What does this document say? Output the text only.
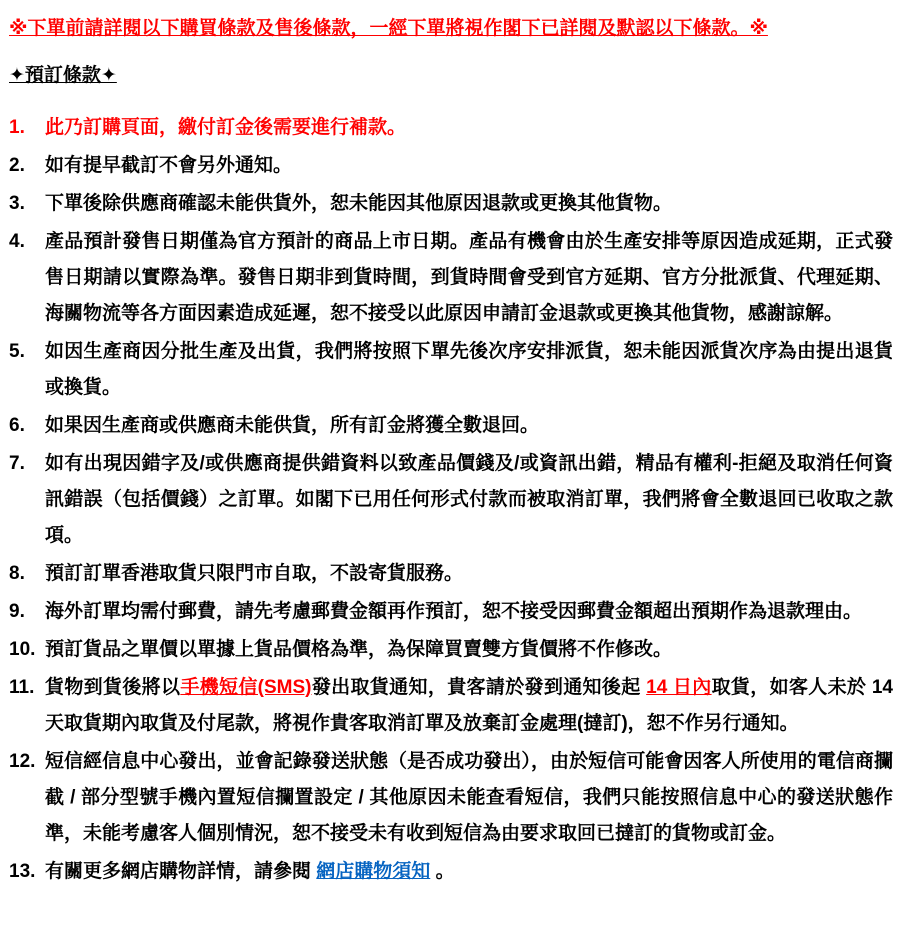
※下單前請詳閱以下購買條款及售後條款，一經下單將視作閣下已詳閱及默認以下條款。※
✦預訂條款✦
1.	此乃訂購頁面，繳付訂金後需要進行補款。
2.	如有提早截訂不會另外通知。
3.	下單後除供應商確認未能供貨外，恕未能因其他原因退款或更換其他貨物。
4.	產品預計發售日期僅為官方預計的商品上市日期。產品有機會由於生產安排等原因造成延期，正式發售日期請以實際為準。發售日期非到貨時間，到貨時間會受到官方延期、官方分批派貨、代理延期、海關物流等各方面因素造成延遲，恕不接受以此原因申請訂金退款或更換其他貨物，感謝諒解。
5.	如因生產商因分批生產及出貨，我們將按照下單先後次序安排派貨，恕未能因派貨次序為由提出退貨或換貨。
6.	如果因生產商或供應商未能供貨，所有訂金將獲全數退回。
7.	如有出現因錯字及/或供應商提供錯資料以致產品價錢及/或資訊出錯，精品有權利-拒絕及取消任何資訊錯誤（包括價錢）之訂單。如閣下已用任何形式付款而被取消訂單，我們將會全數退回已收取之款項。
8.	預訂訂單香港取貨只限門市自取，不設寄貨服務。
9.	海外訂單均需付郵費，請先考慮郵費金額再作預訂，恕不接受因郵費金額超出預期作為退款理由。
10. 預訂貨品之單價以單據上貨品價格為準，為保障買賣雙方貨價將不作修改。
11. 貨物到貨後將以手機短信(SMS)發出取貨通知，貴客請於發到通知後起 14 日內取貨，如客人未於 14 天取貨期內取貨及付尾款，將視作貴客取消訂單及放棄訂金處理(撻訂)，恕不作另行通知。
12. 短信經信息中心發出，並會記錄發送狀態（是否成功發出），由於短信可能會因客人所使用的電信商攔截 / 部分型號手機內置短信攔置設定 / 其他原因未能查看短信，我們只能按照信息中心的發送狀態作準，未能考慮客人個別情況，恕不接受未有收到短信為由要求取回已撻訂的貨物或訂金。
13. 有關更多網店購物詳情，請參閱 網店購物須知 。
